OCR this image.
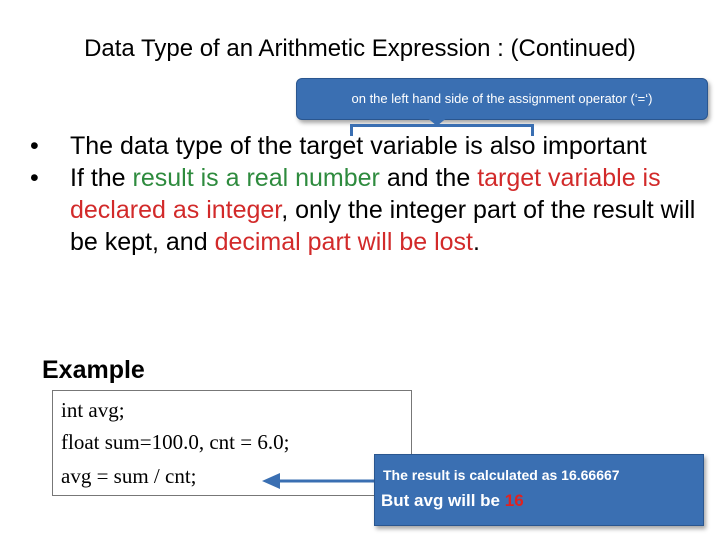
Data Type of an Arithmetic Expression : (Continued)
on the left hand side of the assignment operator (‘=‘)

• The data type of the target variable is also important

• If the result is a real number and the target variable is declared as integer, only the integer part of the result will be kept, and decimal part will be lost.

Example
int avg;
float sum=100.0, cnt = 6.0;
avg = sum / cnt;	The result is calculated as 16.66667
But avg will be 16
